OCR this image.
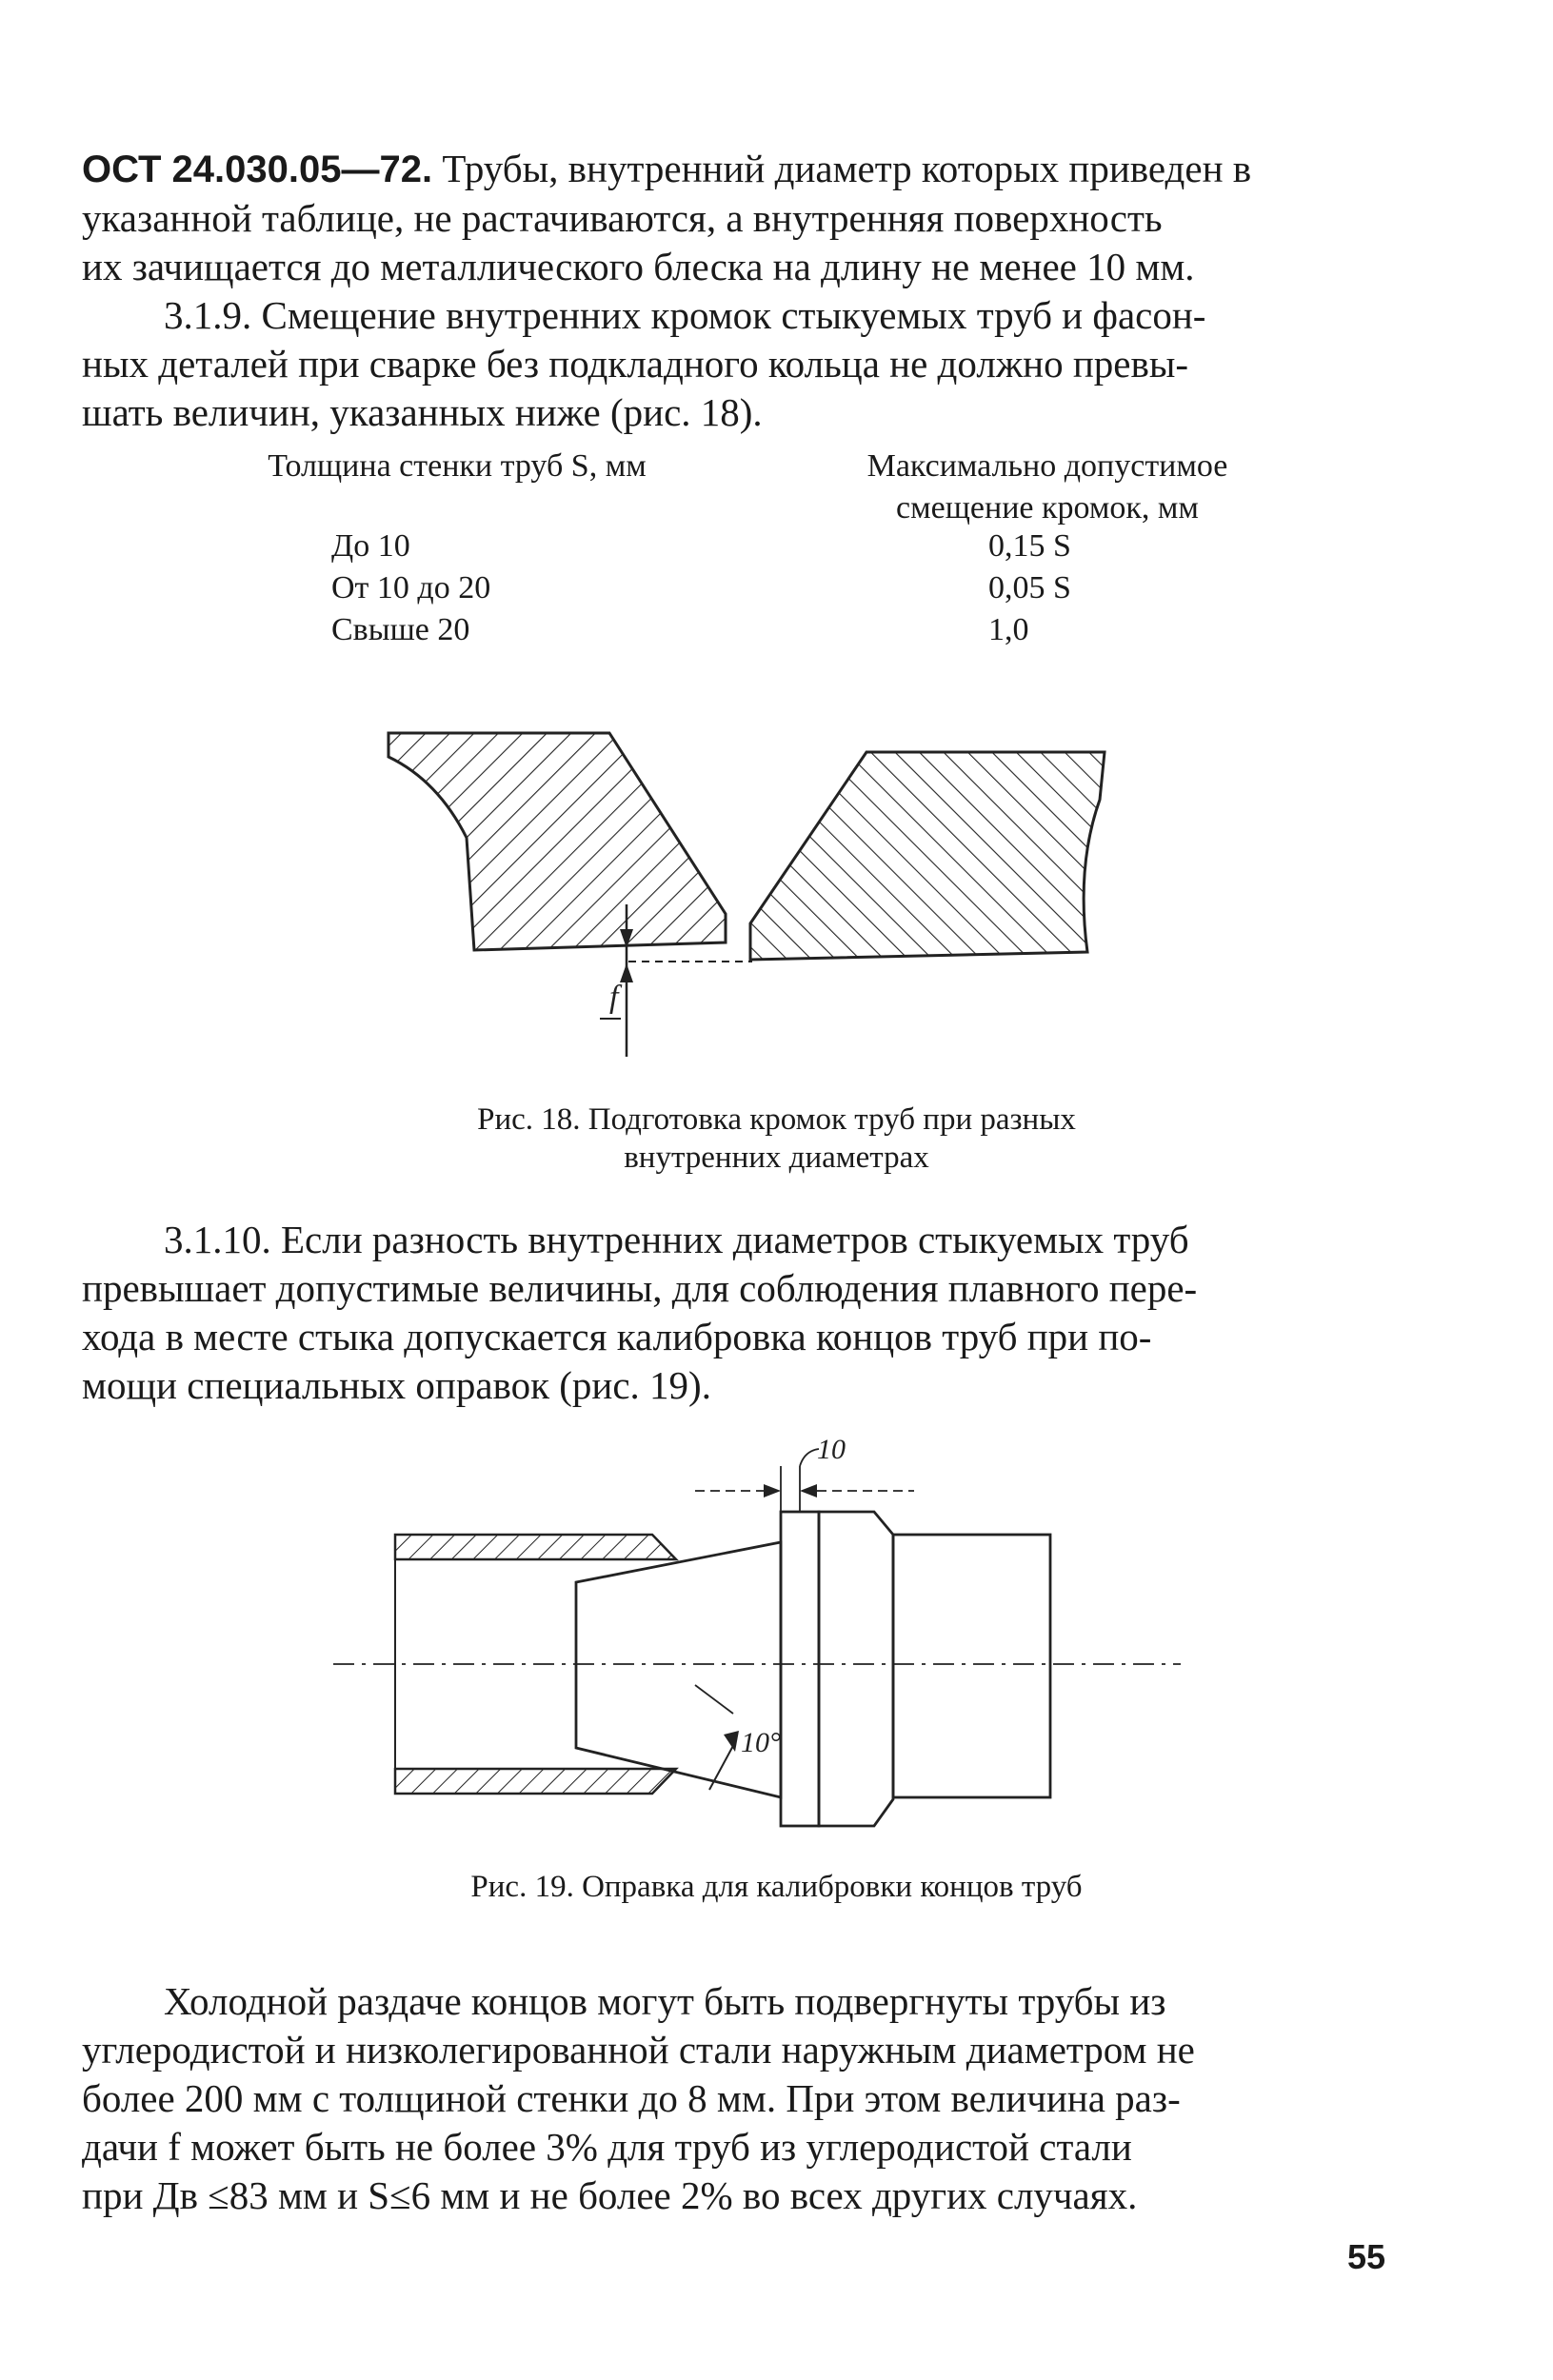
ОСТ 24.030.05—72. Трубы, внутренний диаметр которых приведен в
указанной таблице, не растачиваются, а внутренняя поверхность
их зачищается до металлического блеска на длину не менее 10 мм.
3.1.9. Смещение внутренних кромок стыкуемых труб и фасон-
ных деталей при сварке без подкладного кольца не должно превы-
шать величин, указанных ниже (рис. 18).
Толщина стенки труб S, мм	Максимально допустимое
смещение кромок, мм
До 10	0,15 S
От 10 до 20	0,05 S
Свыше 20	1,0
f
Рис. 18. Подготовка кромок труб при разных
внутренних диаметрах
3.1.10. Если разность внутренних диаметров стыкуемых труб
превышает допустимые величины, для соблюдения плавного пере-
хода в месте стыка допускается калибровка концов труб при по-
мощи специальных оправок (рис. 19).
10
10°
Рис. 19. Оправка для калибровки концов труб
Холодной раздаче концов могут быть подвергнуты трубы из
углеродистой и низколегированной стали наружным диаметром не
более 200 мм с толщиной стенки до 8 мм. При этом величина раз-
дачи f может быть не более 3% для труб из углеродистой стали
при Дв ≤83 мм и S≤6 мм и не более 2% во всех других случаях.
55
